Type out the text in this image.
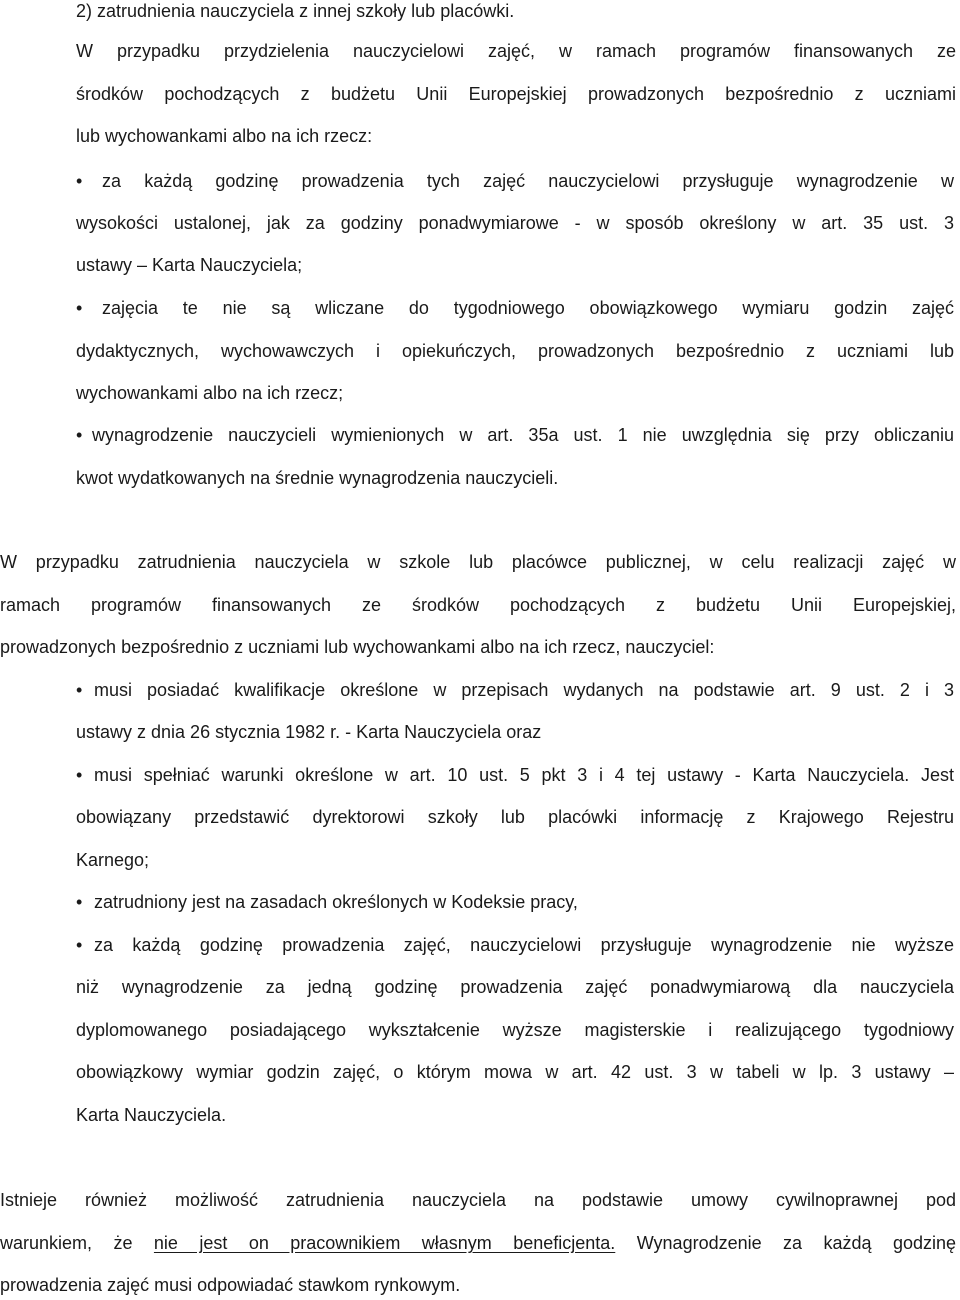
2) zatrudnienia nauczyciela z innej szkoły lub placówki.
W przypadku przydzielenia nauczycielowi zajęć, w ramach programów finansowanych ze
środków pochodzących z budżetu Unii Europejskiej prowadzonych bezpośrednio z uczniami
lub wychowankami albo na ich rzecz:
• za każdą godzinę prowadzenia tych zajęć nauczycielowi przysługuje wynagrodzenie w
wysokości ustalonej, jak za godziny ponadwymiarowe - w sposób określony w art. 35 ust. 3
ustawy – Karta Nauczyciela;
• zajęcia te nie są wliczane do tygodniowego obowiązkowego wymiaru godzin zajęć
dydaktycznych, wychowawczych i opiekuńczych, prowadzonych bezpośrednio z uczniami lub
wychowankami albo na ich rzecz;
• wynagrodzenie nauczycieli wymienionych w art. 35a ust. 1 nie uwzględnia się przy obliczaniu
kwot wydatkowanych na średnie wynagrodzenia nauczycieli.
W przypadku zatrudnienia nauczyciela w szkole lub placówce publicznej, w celu realizacji zajęć w
ramach programów finansowanych ze środków pochodzących z budżetu Unii Europejskiej,
prowadzonych bezpośrednio z uczniami lub wychowankami albo na ich rzecz, nauczyciel:
• musi posiadać kwalifikacje określone w przepisach wydanych na podstawie art. 9 ust. 2 i 3
ustawy z dnia 26 stycznia 1982 r. - Karta Nauczyciela oraz
• musi spełniać warunki określone w art. 10 ust. 5 pkt 3 i 4 tej ustawy - Karta Nauczyciela. Jest
obowiązany przedstawić dyrektorowi szkoły lub placówki informację z Krajowego Rejestru
Karnego;
• zatrudniony jest na zasadach określonych w Kodeksie pracy,
• za każdą godzinę prowadzenia zajęć, nauczycielowi przysługuje wynagrodzenie nie wyższe
niż wynagrodzenie za jedną godzinę prowadzenia zajęć ponadwymiarową dla nauczyciela
dyplomowanego posiadającego wykształcenie wyższe magisterskie i realizującego tygodniowy
obowiązkowy wymiar godzin zajęć, o którym mowa w art. 42 ust. 3 w tabeli w lp. 3 ustawy –
Karta Nauczyciela.
Istnieje również możliwość zatrudnienia nauczyciela na podstawie umowy cywilnoprawnej pod
warunkiem, że nie jest on pracownikiem własnym beneficjenta. Wynagrodzenie za każdą godzinę
prowadzenia zajęć musi odpowiadać stawkom rynkowym.
